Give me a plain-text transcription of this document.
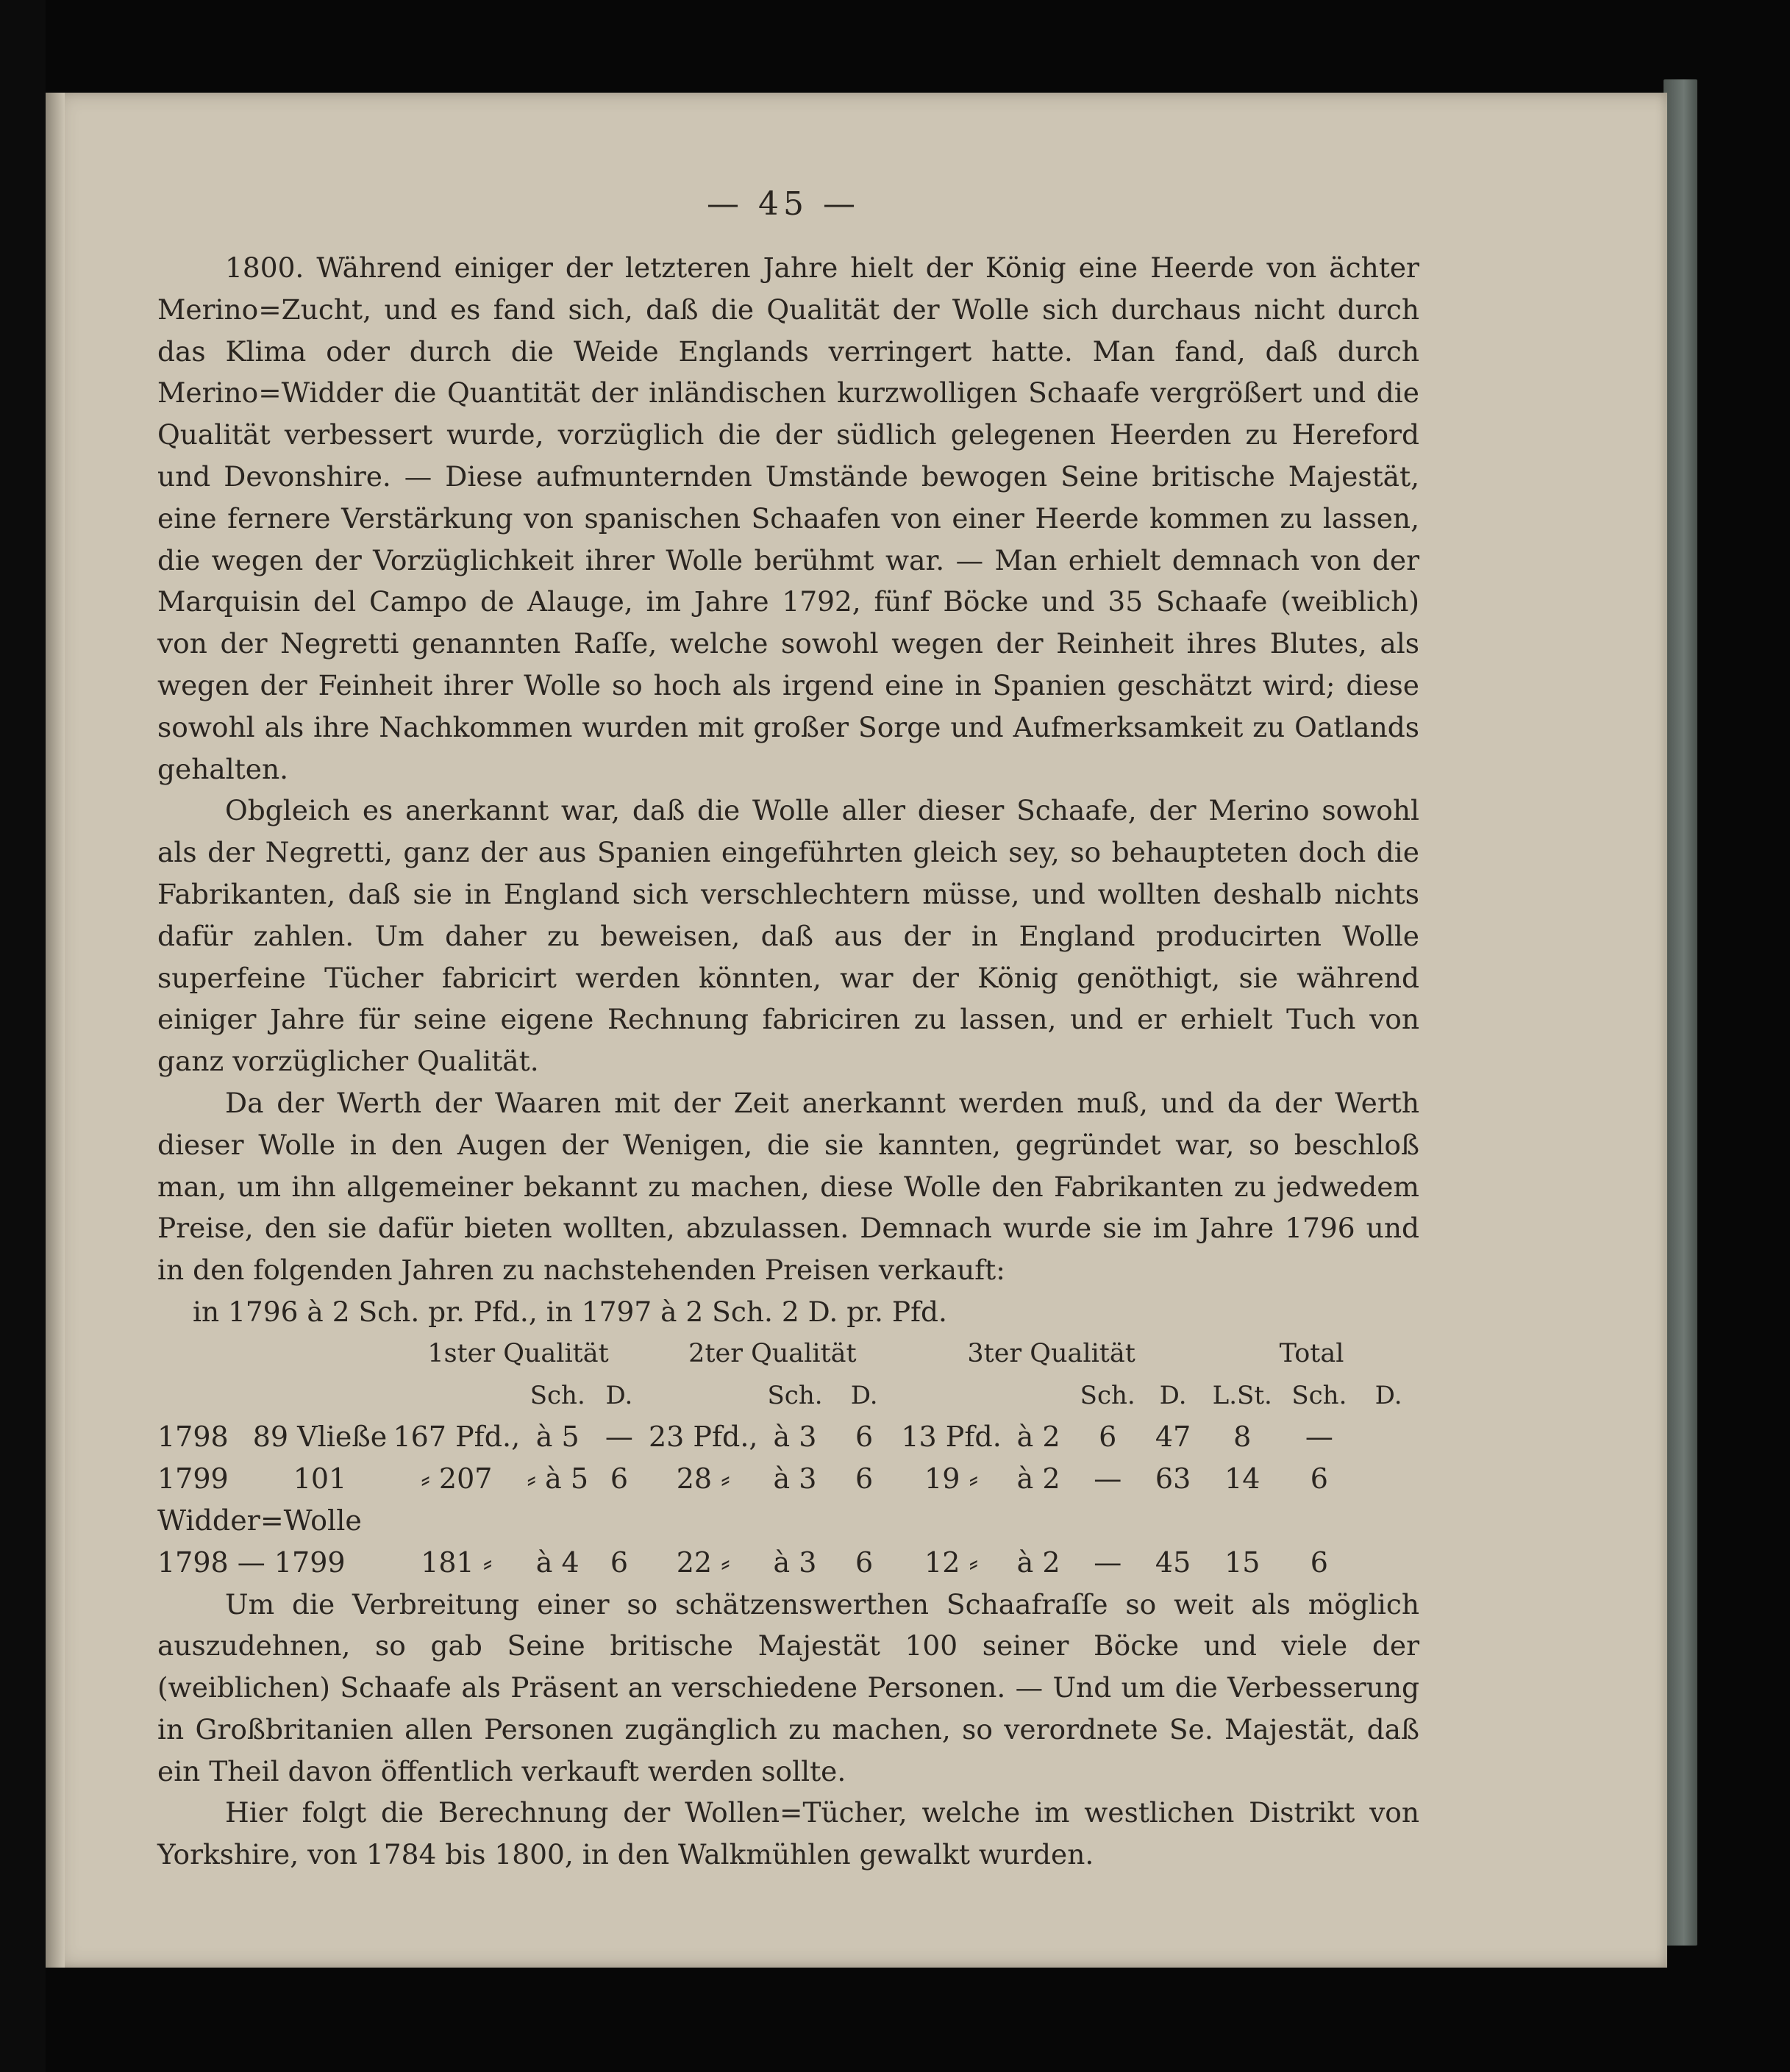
— 45 —

1800. Während einiger der letzteren Jahre hielt der König eine Heerde von ächter Merino=Zucht, und es fand sich, daß die Qualität der Wolle sich durchaus nicht durch das Klima oder durch die Weide Englands verringert hatte. Man fand, daß durch Merino=Widder die Quantität der inländischen kurzwolligen Schaafe vergrößert und die Qualität verbessert wurde, vorzüglich die der südlich gelegenen Heerden zu Hereford und Devonshire. — Diese aufmunternden Umstände bewogen Seine britische Majestät, eine fernere Verstärkung von spanischen Schaafen von einer Heerde kommen zu lassen, die wegen der Vorzüglichkeit ihrer Wolle berühmt war. — Man erhielt demnach von der Marquisin del Campo de Alauge, im Jahre 1792, fünf Böcke und 35 Schaafe (weiblich) von der Negretti genannten Raſſe, welche sowohl wegen der Reinheit ihres Blutes, als wegen der Feinheit ihrer Wolle so hoch als irgend eine in Spanien geschätzt wird; diese sowohl als ihre Nachkommen wurden mit großer Sorge und Aufmerksamkeit zu Oatlands gehalten.

Obgleich es anerkannt war, daß die Wolle aller dieser Schaafe, der Merino sowohl als der Negretti, ganz der aus Spanien eingeführten gleich sey, so behaupteten doch die Fabrikanten, daß sie in England sich verschlechtern müsse, und wollten deshalb nichts dafür zahlen. Um daher zu beweisen, daß aus der in England producirten Wolle superfeine Tücher fabricirt werden könnten, war der König genöthigt, sie während einiger Jahre für seine eigene Rechnung fabriciren zu lassen, und er erhielt Tuch von ganz vorzüglicher Qualität.

Da der Werth der Waaren mit der Zeit anerkannt werden muß, und da der Werth dieser Wolle in den Augen der Wenigen, die sie kannten, gegründet war, so beschloß man, um ihn allgemeiner bekannt zu machen, diese Wolle den Fabrikanten zu jedwedem Preise, den sie dafür bieten wollten, abzulassen. Demnach wurde sie im Jahre 1796 und in den folgenden Jahren zu nachstehenden Preisen verkauft:

in 1796 à 2 Sch. pr. Pfd., in 1797 à 2 Sch. 2 D. pr. Pfd.

		1ster Qualität			2ter Qualität			3ter Qualität				Total		
			Sch.	D.		Sch.	D.			Sch.	D.	L.St.	Sch.	D.
1798	89 Vließe	167 Pfd.,	à 5	—	23 Pfd.,	à 3	6	13 Pfd.	à 2	6	47	8	—	
1799	101	⸗ 207	⸗ à 5	6	28 ⸗	à 3	6	19 ⸗	à 2	—	63	14	6	
Widder=Wolle														
1798 — 1799		181 ⸗	à 4	6	22 ⸗	à 3	6	12 ⸗	à 2	—	45	15	6	

Um die Verbreitung einer so schätzenswerthen Schaafraſſe so weit als möglich auszudehnen, so gab Seine britische Majestät 100 seiner Böcke und viele der (weiblichen) Schaafe als Präsent an verschiedene Personen. — Und um die Verbesserung in Großbritanien allen Personen zugänglich zu machen, so verordnete Se. Majestät, daß ein Theil davon öffentlich verkauft werden sollte.

Hier folgt die Berechnung der Wollen=Tücher, welche im westlichen Distrikt von Yorkshire, von 1784 bis 1800, in den Walkmühlen gewalkt wurden.
